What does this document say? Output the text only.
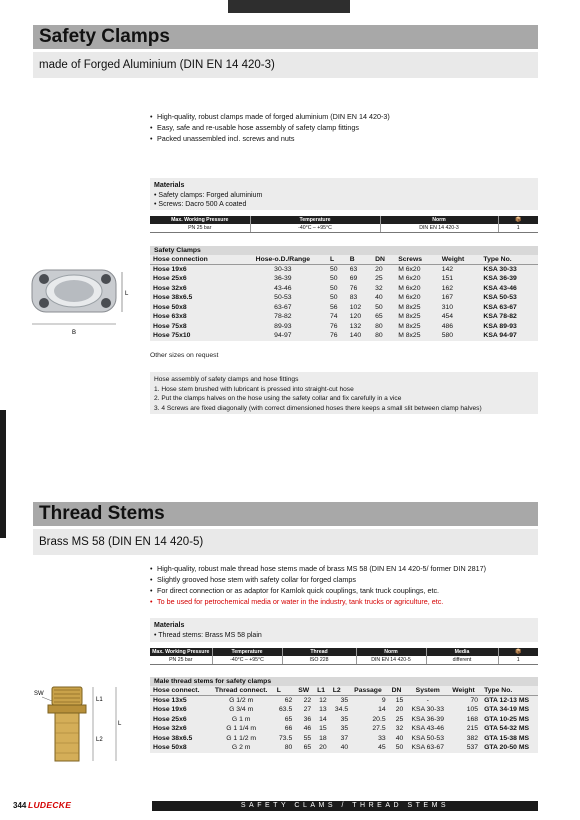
Safety Clamps
made of Forged Aluminium (DIN EN 14 420-3)
• High-quality, robust clamps made of forged aluminium (DIN EN 14 420-3)
• Easy, safe and re-usable hose assembly of safety clamp fittings
• Packed unassembled incl. screws and nuts
Materials
• Safety clamps: Forged aluminium
• Screws: Dacro 500 A coated
Max. Working Pressure	Temperature	Norm	📦
PN 25 bar	-40°C – +95°C	DIN EN 14 420-3	1
L
B
Safety Clamps
Hose connection	Hose-o.D./Range	L	B	DN	Screws	Weight	Type No.
Hose 19x6	30-33	50	63	20	M 6x20	142	KSA 30-33
Hose 25x6	36-39	50	69	25	M 6x20	151	KSA 36-39
Hose 32x6	43-46	50	76	32	M 6x20	162	KSA 43-46
Hose 38x6.5	50-53	50	83	40	M 6x20	167	KSA 50-53
Hose 50x8	63-67	56	102	50	M 8x25	310	KSA 63-67
Hose 63x8	78-82	74	120	65	M 8x25	454	KSA 78-82
Hose 75x8	89-93	76	132	80	M 8x25	486	KSA 89-93
Hose 75x10	94-97	76	140	80	M 8x25	580	KSA 94-97
Other sizes on request
Hose assembly of safety clamps and hose fittings
1. Hose stem brushed with lubricant is pressed into straight-cut hose
2. Put the clamps halves on the hose using the safety collar and fix carefully in a vice
3. 4 Screws are fixed diagonally (with correct dimensioned hoses there keeps a small slit between clamp halves)
Thread Stems
Brass MS 58 (DIN EN 14 420-5)
• High-quality, robust male thread hose stems made of brass MS 58 (DIN EN 14 420-5/ former DIN 2817)
• Slightly grooved hose stem with safety collar for forged clamps
• For direct connection or as adaptor for Kamlok quick couplings, tank truck couplings, etc.
• To be used for petrochemical media or water in the industry, tank trucks or agriculture, etc.
Materials
• Thread stems: Brass MS 58 plain
Max. Working Pressure	Temperature	Thread	Norm	Media	📦
PN 25 bar	-40°C – +95°C	ISO 228	DIN EN 14 420-5	different	1
SW
L1
L
L2
Male thread stems for safety clamps
Hose connect.	Thread connect.	L	SW	L1	L2	Passage	DN	System	Weight	Type No.
Hose 13x5	G 1/2 m	62	22	12	35	9	15	-	70	GTA 12-13 MS
Hose 19x6	G 3/4 m	63.5	27	13	34.5	14	20	KSA 30-33	105	GTA 34-19 MS
Hose 25x6	G 1 m	65	36	14	35	20.5	25	KSA 36-39	168	GTA 10-25 MS
Hose 32x6	G 1 1/4 m	66	46	15	35	27.5	32	KSA 43-46	215	GTA 54-32 MS
Hose 38x6.5	G 1 1/2 m	73.5	55	18	37	33	40	KSA 50-53	382	GTA 15-38 MS
Hose 50x8	G 2 m	80	65	20	40	45	50	KSA 63-67	537	GTA 20-50 MS
344 LUDECKE	SAFETY CLAMS / THREAD STEMS
